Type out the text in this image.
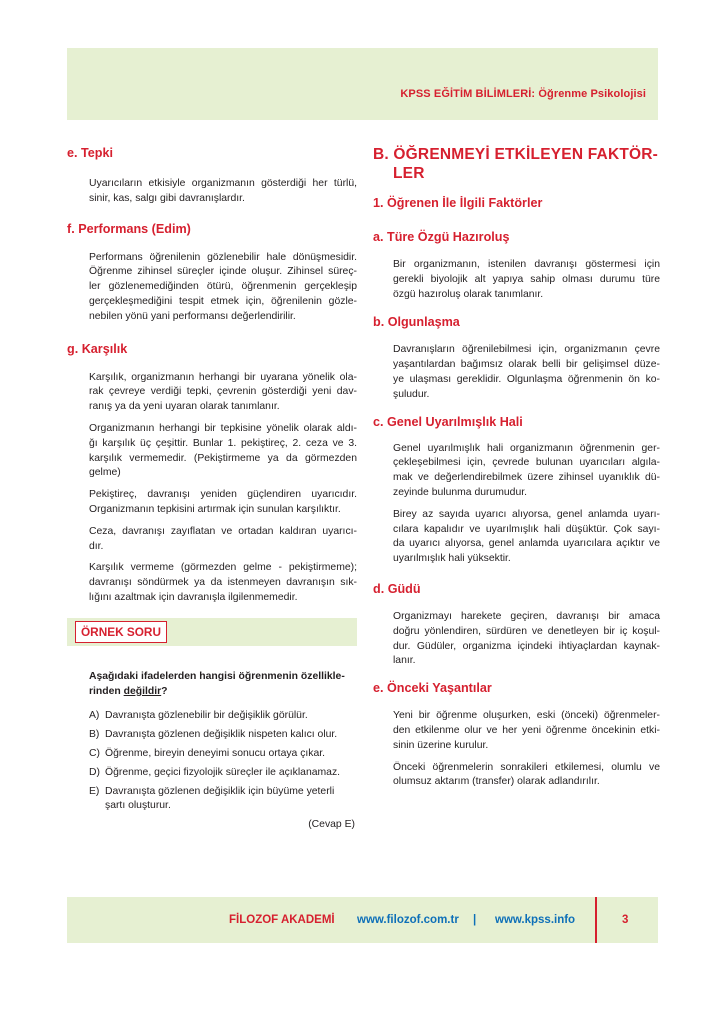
KPSS EĞİTİM BİLİMLERİ: Öğrenme Psikolojisi
e. Tepki

Uyarıcıların etkisiyle organizmanın gösterdiği her türlü,
sinir, kas, salgı gibi davranışlardır.

f. Performans (Edim)

Performans öğrenilenin gözlenebilir hale dönüşmesidir.
Öğrenme zihinsel süreçler içinde oluşur. Zihinsel süreç-
ler gözlenemediğinden ötürü, öğrenmenin gerçekleşip
gerçekleşmediğini tespit etmek için, öğrenilenin gözle-
nebilen yönü yani performansı değerlendirilir.

g. Karşılık

Karşılık, organizmanın herhangi bir uyarana yönelik ola-
rak çevreye verdiği tepki, çevrenin gösterdiği yeni dav-
ranış ya da yeni uyaran olarak tanımlanır.

Organizmanın herhangi bir tepkisine yönelik olarak aldı-
ğı karşılık üç çeşittir. Bunlar 1. pekiştireç, 2. ceza ve 3.
karşılık vermemedir. (Pekiştirmeme ya da görmezden
gelme)

Pekiştireç, davranışı yeniden güçlendiren uyarıcıdır.
Organizmanın tepkisini artırmak için sunulan karşılıktır.

Ceza, davranışı zayıflatan ve ortadan kaldıran uyarıcı-
dır.

Karşılık vermeme (görmezden gelme - pekiştirmeme);
davranışı söndürmek ya da istenmeyen davranışın sık-
lığını azaltmak için davranışla ilgilenmemedir.

ÖRNEK SORU

Aşağıdaki ifadelerden hangisi öğrenmenin özellikle-
rinden değildir?

A) Davranışta gözlenebilir bir değişiklik görülür.
B) Davranışta gözlenen değişiklik nispeten kalıcı olur.
C) Öğrenme, bireyin deneyimi sonucu ortaya çıkar.
D) Öğrenme, geçici fizyolojik süreçler ile açıklanamaz.
E) Davranışta gözlenen değişiklik için büyüme yeterli şartı oluşturur.

(Cevap E)

B. ÖĞRENMEYİ ETKİLEYEN FAKTÖR-
LER
1. Öğrenen İle İlgili Faktörler
a. Türe Özgü Hazıroluş

Bir organizmanın, istenilen davranışı göstermesi için
gerekli biyolojik alt yapıya sahip olması durumu türe
özgü hazıroluş olarak tanımlanır.

b. Olgunlaşma

Davranışların öğrenilebilmesi için, organizmanın çevre
yaşantılardan bağımsız olarak belli bir gelişimsel düze-
ye ulaşması gereklidir. Olgunlaşma öğrenmenin ön ko-
şuludur.

c. Genel Uyarılmışlık Hali

Genel uyarılmışlık hali organizmanın öğrenmenin ger-
çekleşebilmesi için, çevrede bulunan uyarıcıları algıla-
mak ve değerlendirebilmek üzere zihinsel uyanıklık dü-
zeyinde bulunma durumudur.

Birey az sayıda uyarıcı alıyorsa, genel anlamda uyarı-
cılara kapalıdır ve uyarılmışlık hali düşüktür. Çok sayı-
da uyarıcı alıyorsa, genel anlamda uyarıcılara açıktır ve
uyarılmışlık hali yüksektir.

d. Güdü

Organizmayı harekete geçiren, davranışı bir amaca
doğru yönlendiren, sürdüren ve denetleyen bir iç koşul-
dur. Güdüler, organizma içindeki ihtiyaçlardan kaynak-
lanır.

e. Önceki Yaşantılar

Yeni bir öğrenme oluşurken, eski (önceki) öğrenmeler-
den etkilenme olur ve her yeni öğrenme öncekinin etki-
sinin üzerine kurulur.

Önceki öğrenmelerin sonrakileri etkilemesi, olumlu ve
olumsuz aktarım (transfer) olarak adlandırılır.

FİLOZOF AKADEMİ www.filozof.com.tr | www.kpss.info	3
